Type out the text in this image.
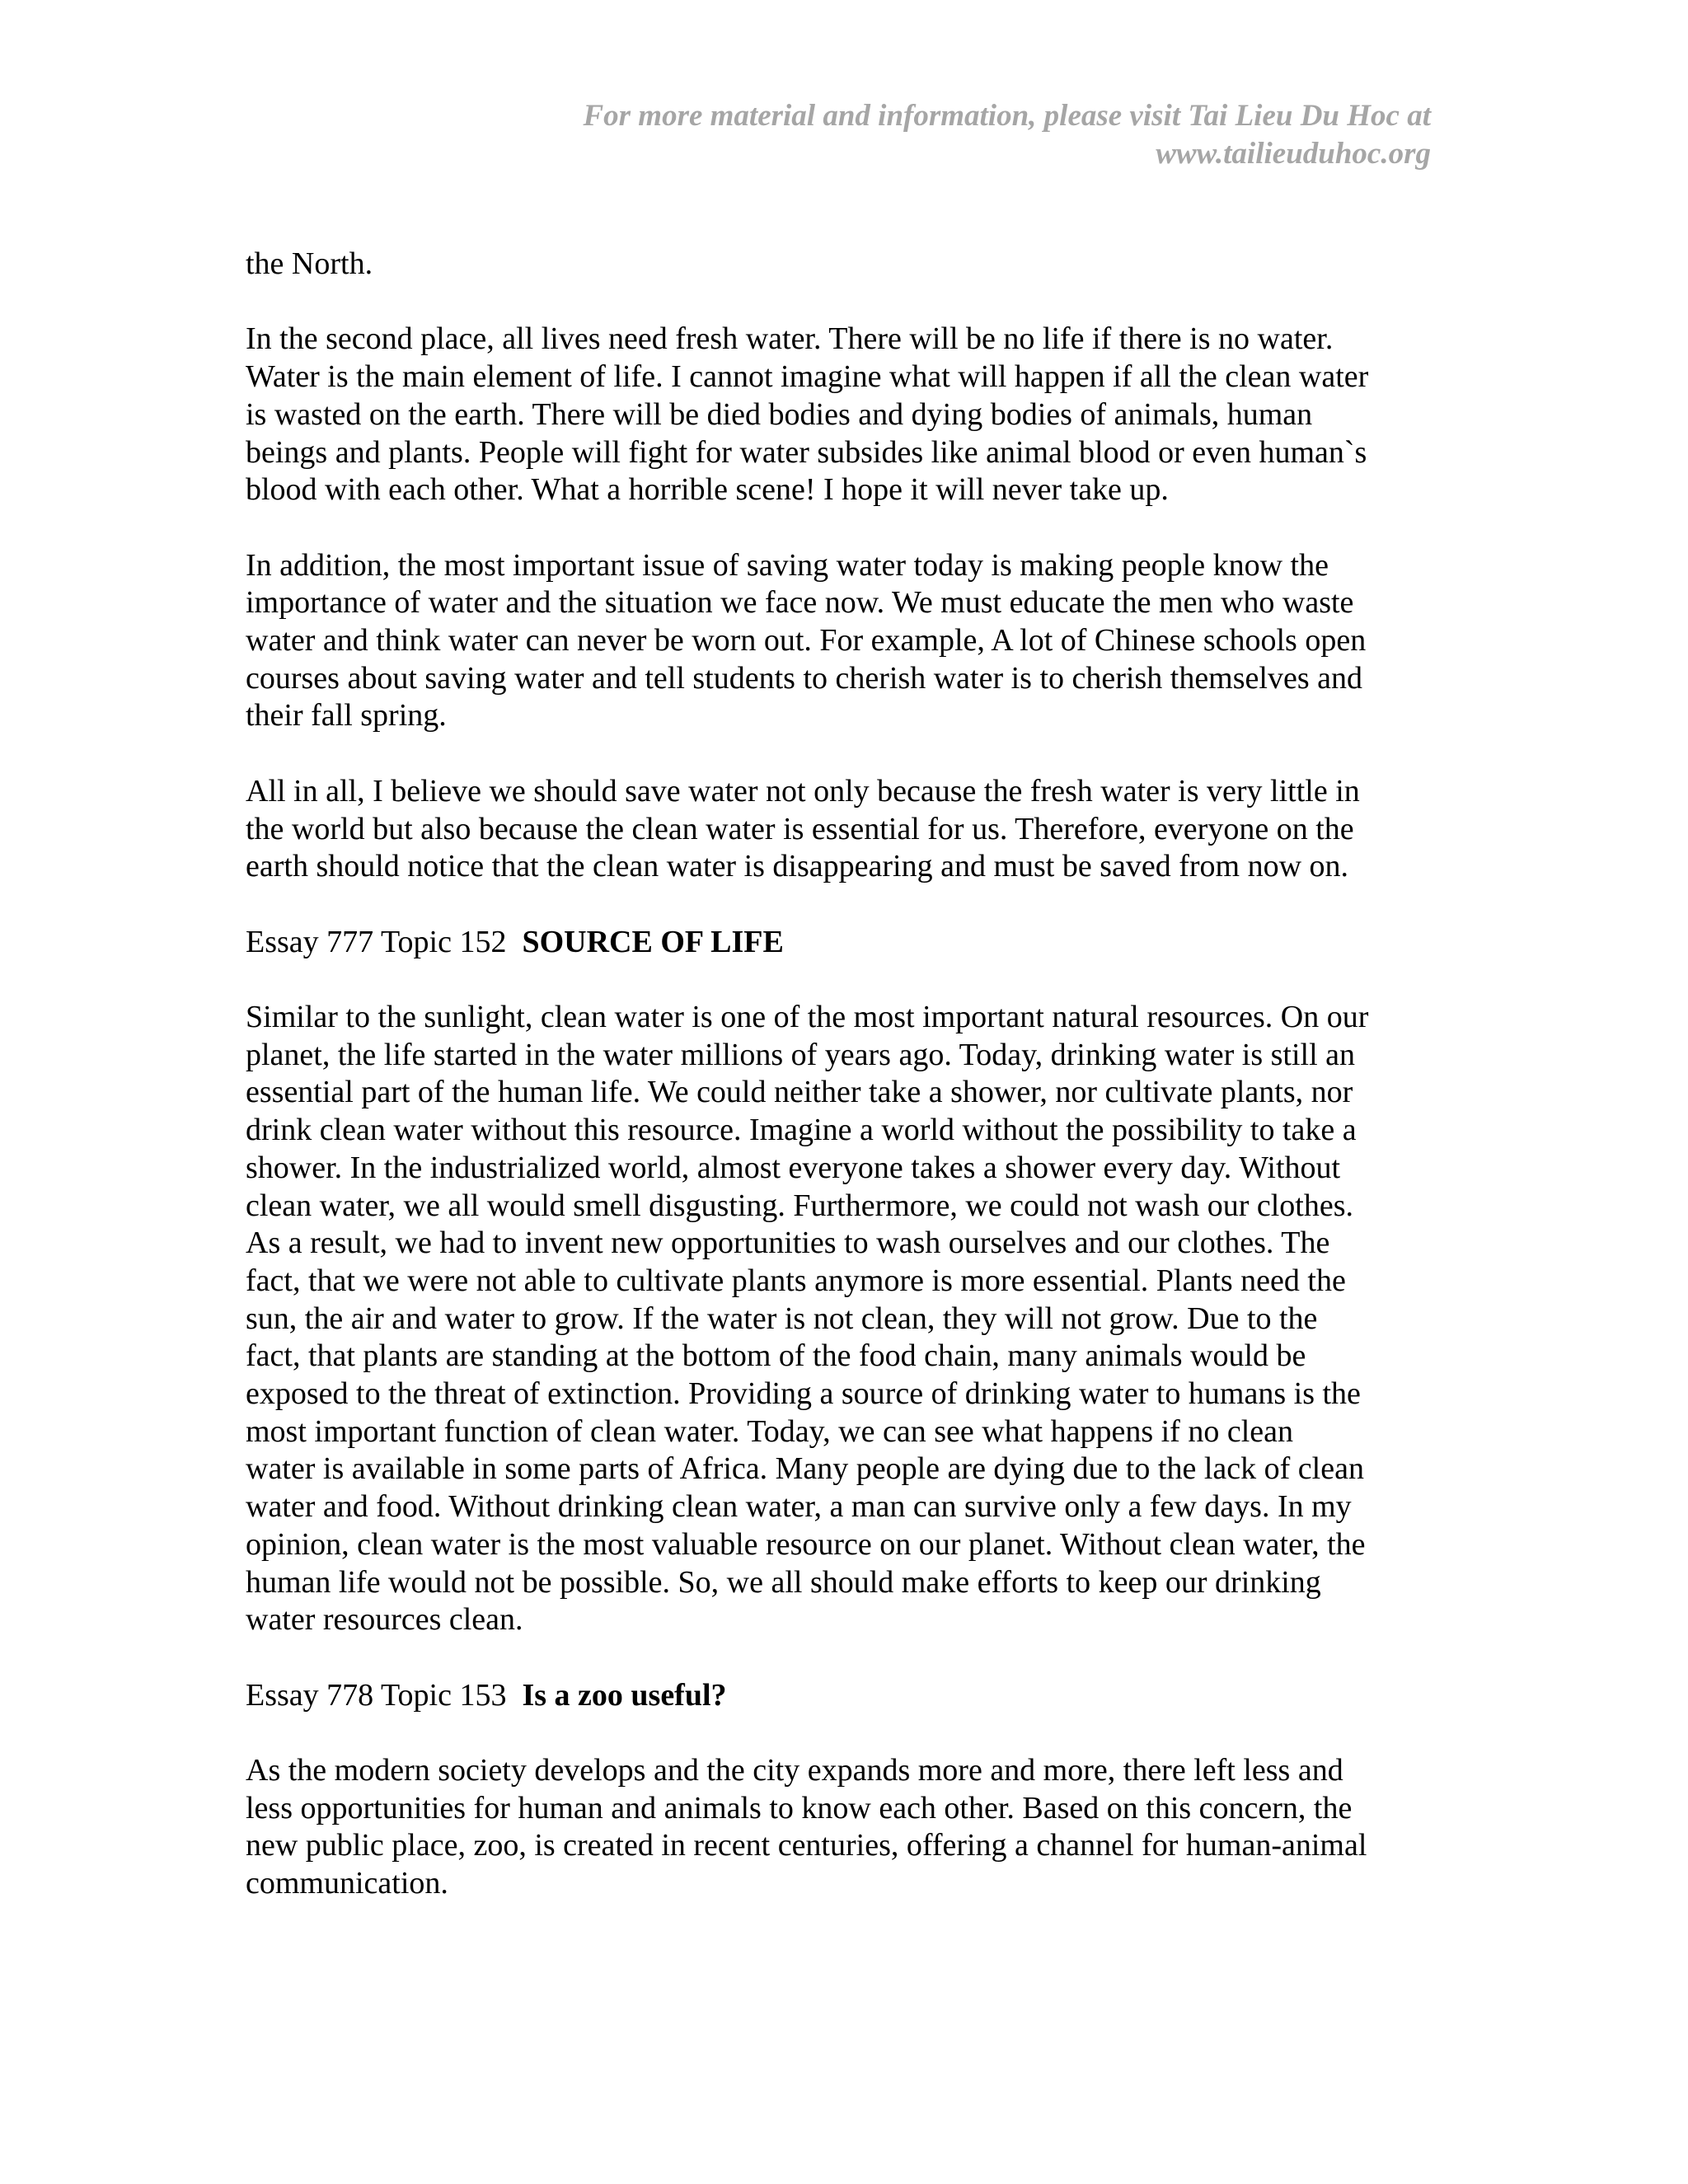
For more material and information, please visit Tai Lieu Du Hoc at
www.tailieuduhoc.org

the North.

In the second place, all lives need fresh water. There will be no life if there is no water.
Water is the main element of life. I cannot imagine what will happen if all the clean water
is wasted on the earth. There will be died bodies and dying bodies of animals, human
beings and plants. People will fight for water subsides like animal blood or even human`s
blood with each other. What a horrible scene! I hope it will never take up.

In addition, the most important issue of saving water today is making people know the
importance of water and the situation we face now. We must educate the men who waste
water and think water can never be worn out. For example, A lot of Chinese schools open
courses about saving water and tell students to cherish water is to cherish themselves and
their fall spring.

All in all, I believe we should save water not only because the fresh water is very little in
the world but also because the clean water is essential for us. Therefore, everyone on the
earth should notice that the clean water is disappearing and must be saved from now on.

Essay 777 Topic 152  SOURCE OF LIFE

Similar to the sunlight, clean water is one of the most important natural resources. On our
planet, the life started in the water millions of years ago. Today, drinking water is still an
essential part of the human life. We could neither take a shower, nor cultivate plants, nor
drink clean water without this resource. Imagine a world without the possibility to take a
shower. In the industrialized world, almost everyone takes a shower every day. Without
clean water, we all would smell disgusting. Furthermore, we could not wash our clothes.
As a result, we had to invent new opportunities to wash ourselves and our clothes. The
fact, that we were not able to cultivate plants anymore is more essential. Plants need the
sun, the air and water to grow. If the water is not clean, they will not grow. Due to the
fact, that plants are standing at the bottom of the food chain, many animals would be
exposed to the threat of extinction. Providing a source of drinking water to humans is the
most important function of clean water. Today, we can see what happens if no clean
water is available in some parts of Africa. Many people are dying due to the lack of clean
water and food. Without drinking clean water, a man can survive only a few days. In my
opinion, clean water is the most valuable resource on our planet. Without clean water, the
human life would not be possible. So, we all should make efforts to keep our drinking
water resources clean.

Essay 778 Topic 153  Is a zoo useful?

As the modern society develops and the city expands more and more, there left less and
less opportunities for human and animals to know each other. Based on this concern, the
new public place, zoo, is created in recent centuries, offering a channel for human-animal
communication.
